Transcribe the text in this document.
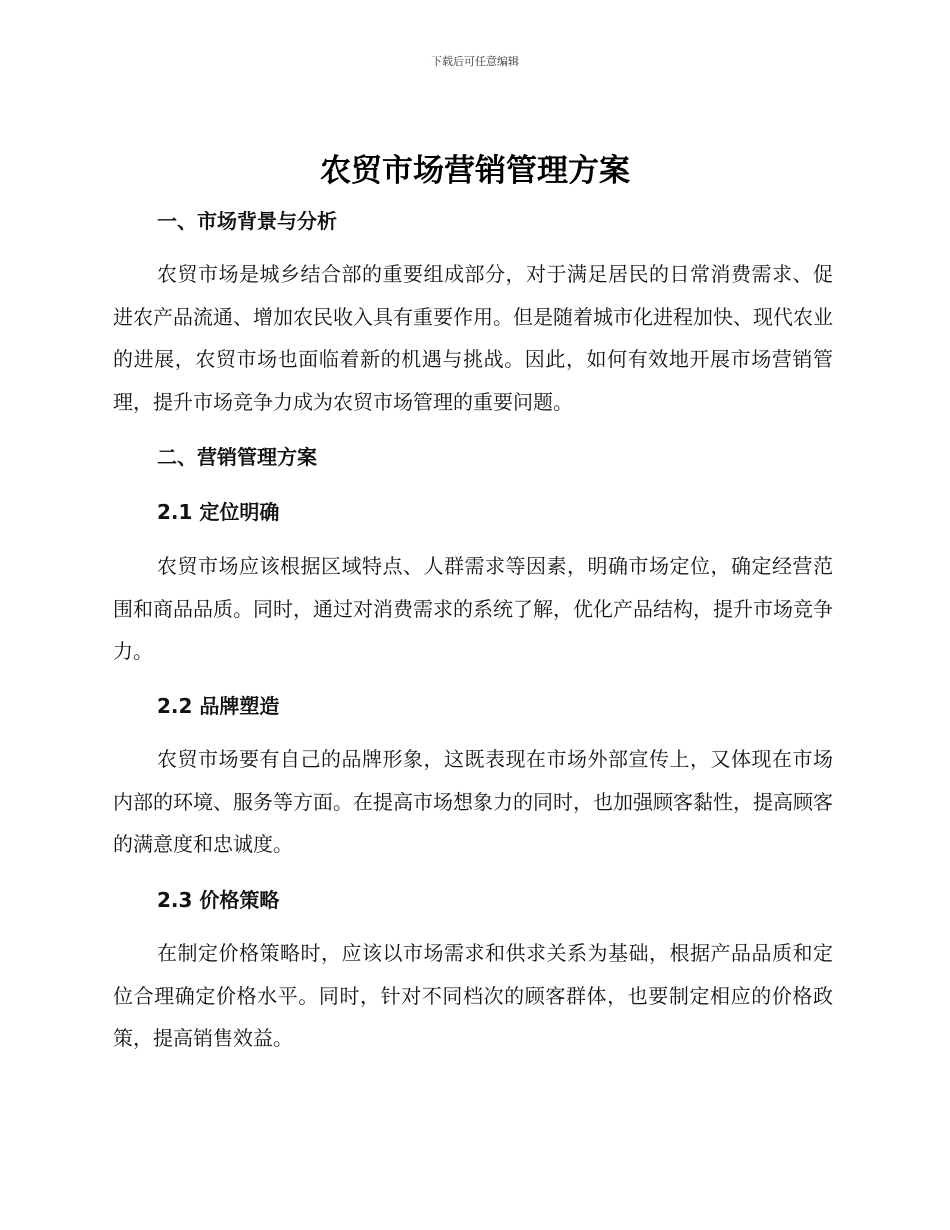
下载后可任意编辑
农贸市场营销管理方案
一、市场背景与分析

农贸市场是城乡结合部的重要组成部分，对于满足居民的日常消费需求、促进农产品流通、增加农民收入具有重要作用。但是随着城市化进程加快、现代农业的进展，农贸市场也面临着新的机遇与挑战。因此，如何有效地开展市场营销管理，提升市场竞争力成为农贸市场管理的重要问题。

二、营销管理方案
2.1 定位明确

农贸市场应该根据区域特点、人群需求等因素，明确市场定位，确定经营范围和商品品质。同时，通过对消费需求的系统了解，优化产品结构，提升市场竞争力。

2.2 品牌塑造

农贸市场要有自己的品牌形象，这既表现在市场外部宣传上，又体现在市场内部的环境、服务等方面。在提高市场想象力的同时，也加强顾客黏性，提高顾客的满意度和忠诚度。

2.3 价格策略

在制定价格策略时，应该以市场需求和供求关系为基础，根据产品品质和定位合理确定价格水平。同时，针对不同档次的顾客群体，也要制定相应的价格政策，提高销售效益。
